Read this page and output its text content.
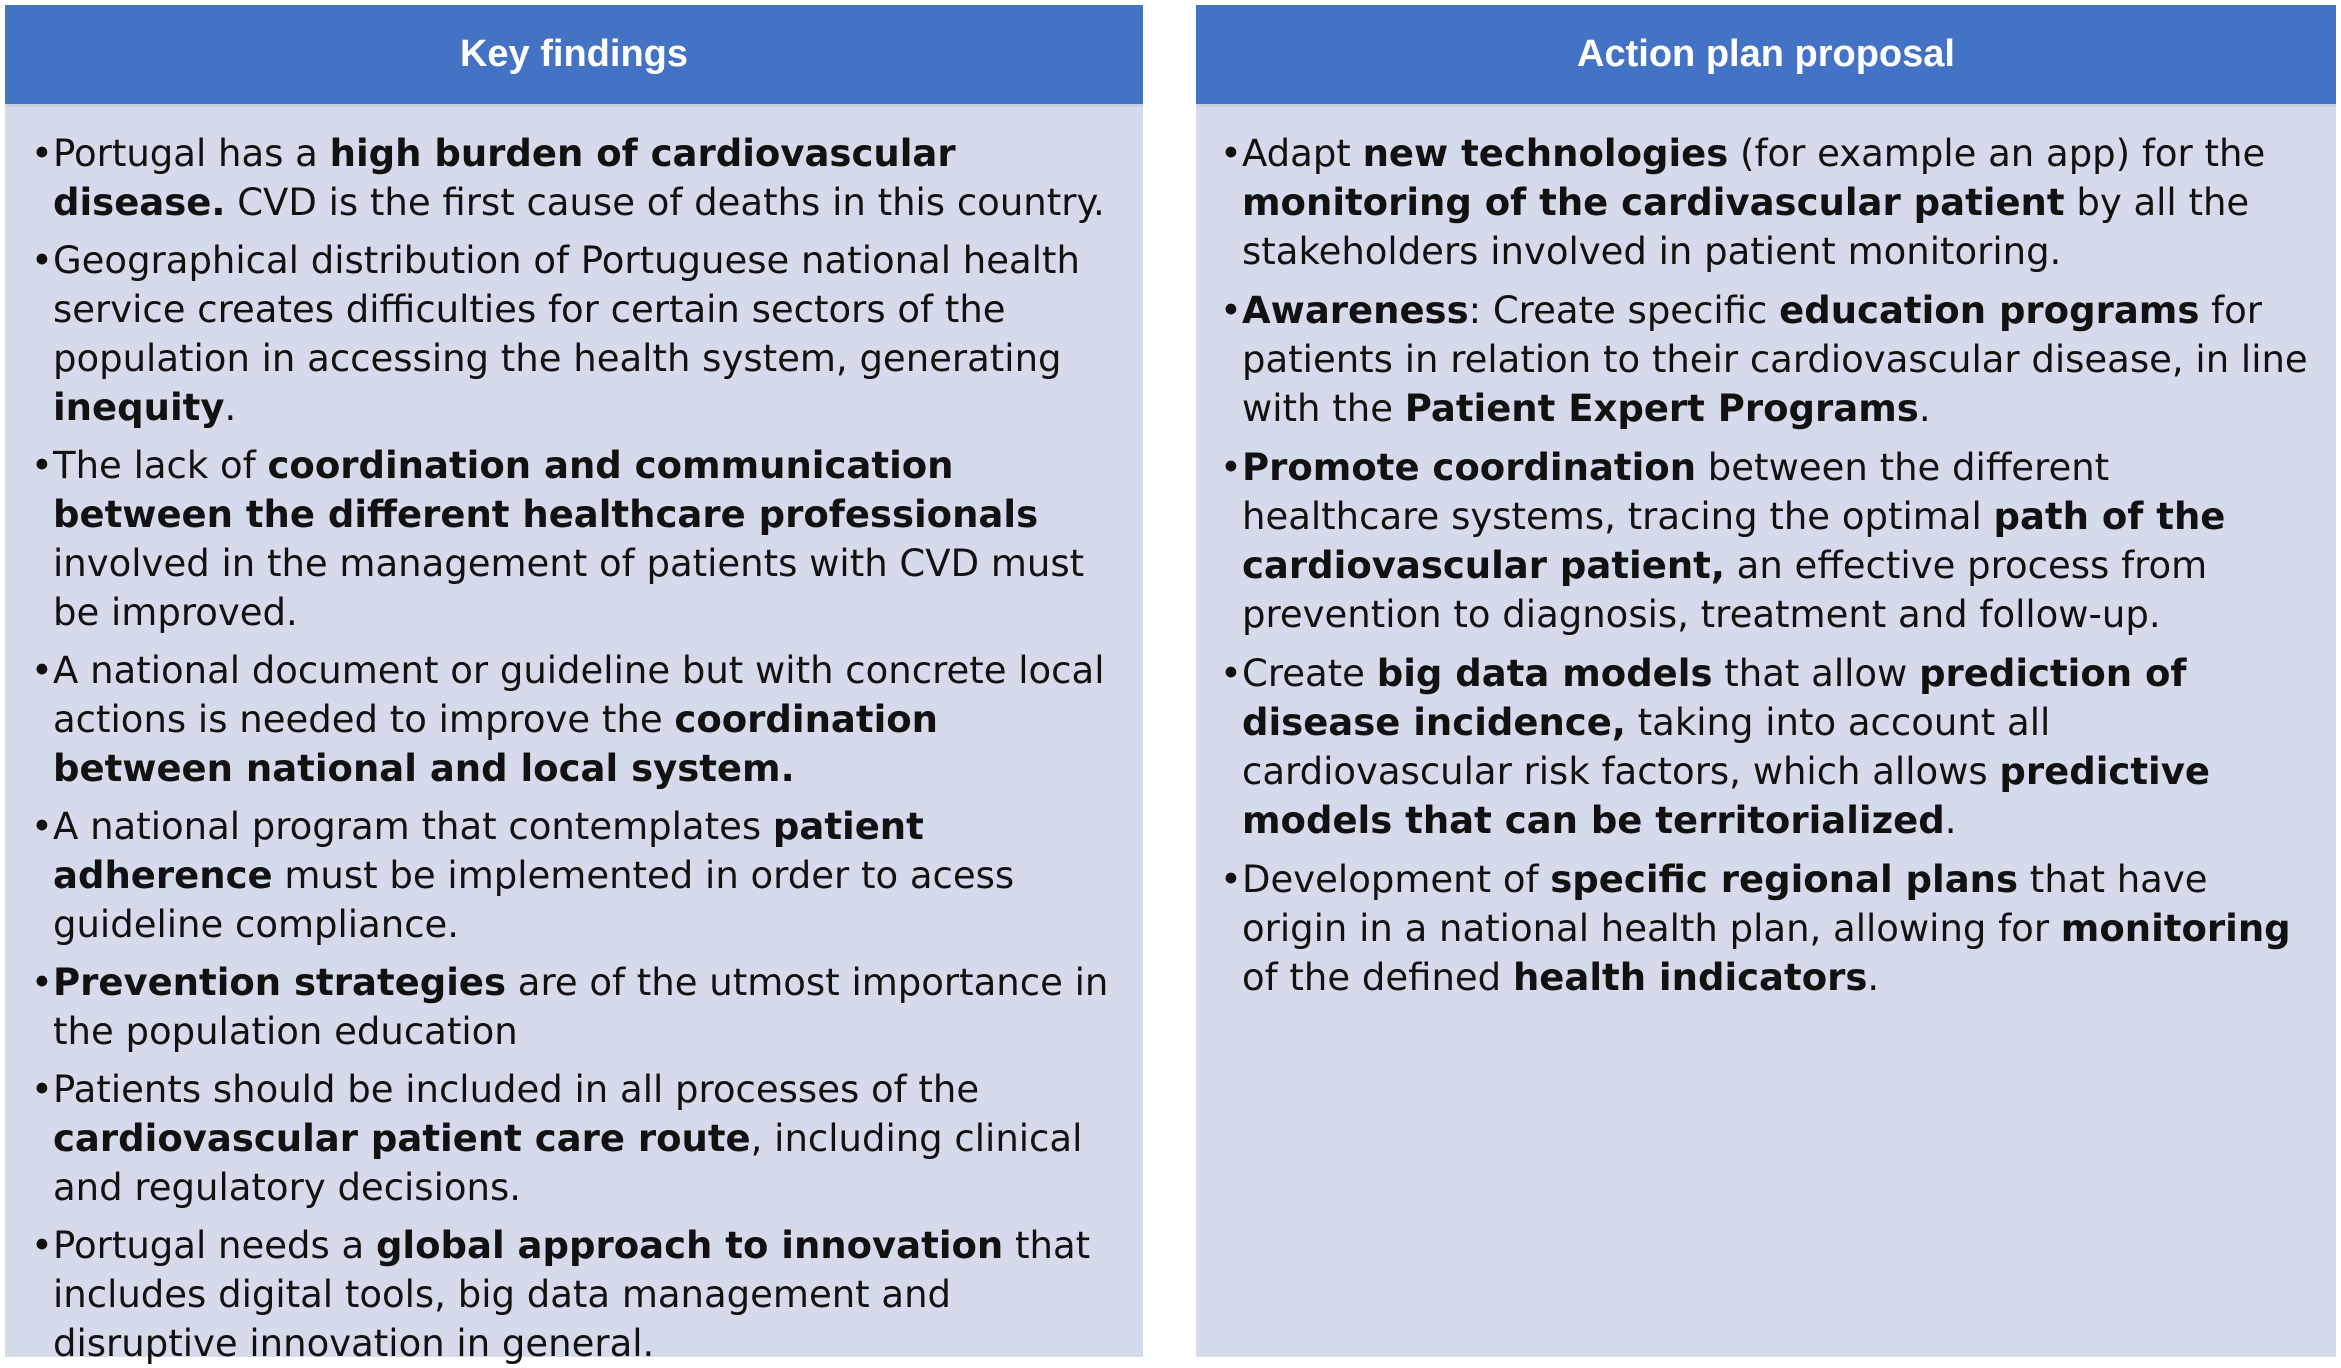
Key findings
• Portugal has a high burden of cardiovascular disease. CVD is the first cause of deaths in this country.
• Geographical distribution of Portuguese national health service creates difficulties for certain sectors of the population in accessing the health system, generating inequity.
• The lack of coordination and communication between the different healthcare professionals involved in the management of patients with CVD must be improved.
• A national document or guideline but with concrete local actions is needed to improve the coordination between national and local system.
• A national program that contemplates patient adherence must be implemented in order to acess guideline compliance.
• Prevention strategies are of the utmost importance in the population education
• Patients should be included in all processes of the cardiovascular patient care route, including clinical and regulatory decisions.
• Portugal needs a global approach to innovation that includes digital tools, big data management and disruptive innovation in general.
Action plan proposal
• Adapt new technologies (for example an app) for the monitoring of the cardivascular patient by all the stakeholders involved in patient monitoring.
• Awareness: Create specific education programs for patients in relation to their cardiovascular disease, in line with the Patient Expert Programs.
• Promote coordination between the different healthcare systems, tracing the optimal path of the cardiovascular patient, an effective process from prevention to diagnosis, treatment and follow-up.
• Create big data models that allow prediction of disease incidence, taking into account all cardiovascular risk factors, which allows predictive models that can be territorialized.
• Development of specific regional plans that have origin in a national health plan, allowing for monitoring of the defined health indicators.
